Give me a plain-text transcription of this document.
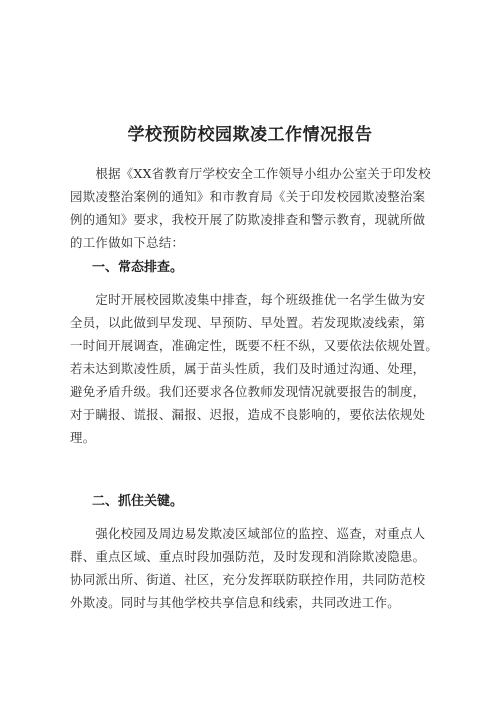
学校预防校园欺凌工作情况报告
　　根据《XX省教育厅学校安全工作领导小组办公室关于印发校
园欺凌整治案例的通知》和市教育局《关于印发校园欺凌整治案
例的通知》要求，我校开展了防欺凌排查和警示教育，现就所做
的工作做如下总结：
一、常态排查。
　　定时开展校园欺凌集中排查，每个班级推优一名学生做为安
全员，以此做到早发现、早预防、早处置。若发现欺凌线索，第
一时间开展调查，准确定性，既要不枉不纵，又要依法依规处置。
若未达到欺凌性质，属于苗头性质，我们及时通过沟通、处理，
避免矛盾升级。我们还要求各位教师发现情况就要报告的制度，
对于瞒报、谎报、漏报、迟报，造成不良影响的，要依法依规处
理。
二、抓住关键。
　　强化校园及周边易发欺凌区域部位的监控、巡查，对重点人
群、重点区域、重点时段加强防范，及时发现和消除欺凌隐患。
协同派出所、街道、社区，充分发挥联防联控作用，共同防范校
外欺凌。同时与其他学校共享信息和线索，共同改进工作。
